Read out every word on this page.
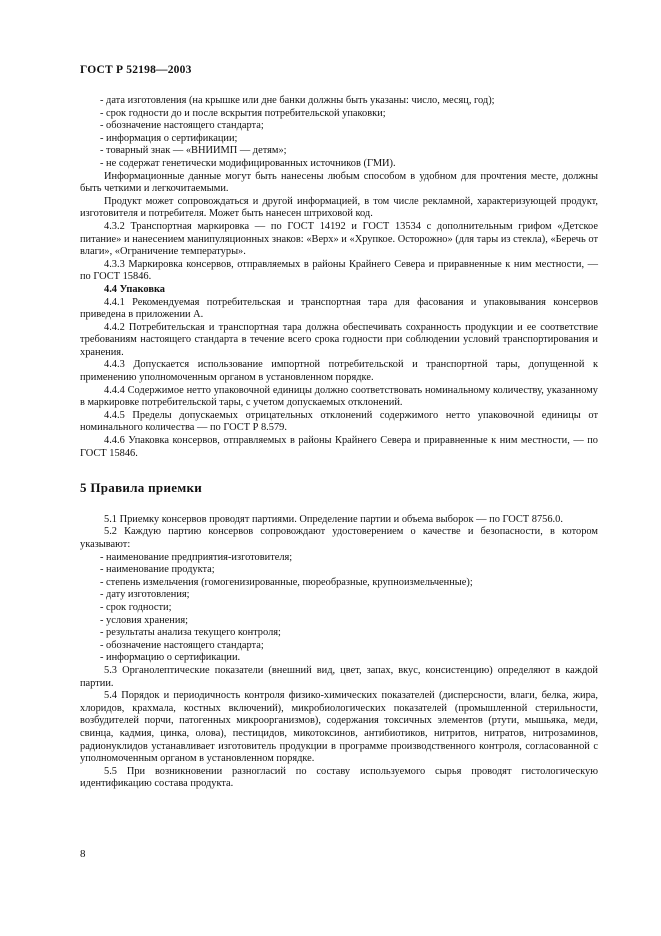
ГОСТ Р 52198—2003

- дата изготовления (на крышке или дне банки должны быть указаны: число, месяц, год);

- срок годности до и после вскрытия потребительской упаковки;

- обозначение настоящего стандарта;

- информация о сертификации;

- товарный знак — «ВНИИМП — детям»;

- не содержат генетически модифицированных источников (ГМИ).

Информационные данные могут быть нанесены любым способом в удобном для прочтения месте, должны быть четкими и легкочитаемыми.

Продукт может сопровождаться и другой информацией, в том числе рекламной, характеризующей продукт, изготовителя и потребителя. Может быть нанесен штриховой код.

4.3.2 Транспортная маркировка — по ГОСТ 14192 и ГОСТ 13534 с дополнительным грифом «Детское питание» и нанесением манипуляционных знаков: «Верх» и «Хрупкое. Осторожно» (для тары из стекла), «Беречь от влаги», «Ограничение температуры».

4.3.3 Маркировка консервов, отправляемых в районы Крайнего Севера и приравненные к ним местности, — по ГОСТ 15846.

4.4 Упаковка

4.4.1 Рекомендуемая потребительская и транспортная тара для фасования и упаковывания консервов приведена в приложении А.

4.4.2 Потребительская и транспортная тара должна обеспечивать сохранность продукции и ее соответствие требованиям настоящего стандарта в течение всего срока годности при соблюдении условий транспортирования и хранения.

4.4.3 Допускается использование импортной потребительской и транспортной тары, допущенной к применению уполномоченным органом в установленном порядке.

4.4.4 Содержимое нетто упаковочной единицы должно соответствовать номинальному количеству, указанному в маркировке потребительской тары, с учетом допускаемых отклонений.

4.4.5 Пределы допускаемых отрицательных отклонений содержимого нетто упаковочной единицы от номинального количества — по ГОСТ Р 8.579.

4.4.6 Упаковка консервов, отправляемых в районы Крайнего Севера и приравненные к ним местности, — по ГОСТ 15846.

5 Правила приемки

5.1 Приемку консервов проводят партиями. Определение партии и объема выборок — по ГОСТ 8756.0.

5.2 Каждую партию консервов сопровождают удостоверением о качестве и безопасности, в котором указывают:

- наименование предприятия-изготовителя;

- наименование продукта;

- степень измельчения (гомогенизированные, пюреобразные, крупноизмельченные);

- дату изготовления;

- срок годности;

- условия хранения;

- результаты анализа текущего контроля;

- обозначение настоящего стандарта;

- информацию о сертификации.

5.3 Органолептические показатели (внешний вид, цвет, запах, вкус, консистенцию) определяют в каждой партии.

5.4 Порядок и периодичность контроля физико-химических показателей (дисперсности, влаги, белка, жира, хлоридов, крахмала, костных включений), микробиологических показателей (промышленной стерильности, возбудителей порчи, патогенных микроорганизмов), содержания токсичных элементов (ртути, мышьяка, меди, свинца, кадмия, цинка, олова), пестицидов, микотоксинов, антибиотиков, нитритов, нитратов, нитрозаминов, радионуклидов устанавливает изготовитель продукции в программе производственного контроля, согласованной с уполномоченным органом в установленном порядке.

5.5 При возникновении разногласий по составу используемого сырья проводят гистологическую идентификацию состава продукта.

8
